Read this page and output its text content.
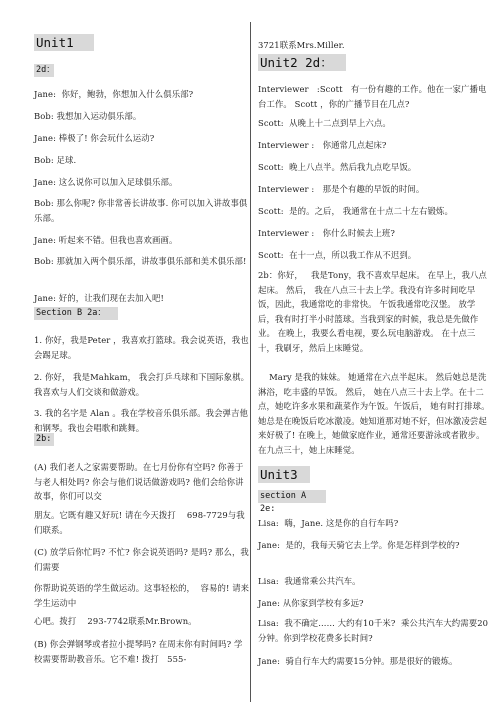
Unit1
2d：
Jane:  你好，鲍勃，你想加入什么俱乐部?
Bob: 我想加入运动俱乐部。
Jane: 棒极了! 你会玩什么运动?
Bob: 足球.
Jane: 这么说你可以加入足球俱乐部。
Bob: 那么你呢? 你非常善长讲故事. 你可以加入讲故事俱乐部。
Jane: 听起来不错。但我也喜欢画画。
Bob: 那就加入两个俱乐部，讲故事俱乐部和美术俱乐部!
Jane: 好的，让我们现在去加入吧!
Section B 2a：
1. 你好，我是Peter ，我喜欢打篮球。我会说英语，我也会踢足球。
2. 你好， 我是Mahkam， 我会打乒乓球和下国际象棋。我喜欢与人们交谈和做游戏。
3. 我的名字是 Alan 。我在学校音乐俱乐部。我会弹吉他和钢琴。我也会唱歌和跳舞。
2b:
(A) 我们老人之家需要帮助。在七月份你有空吗? 你善于与老人相处吗? 你会与他们说话做游戏吗? 他们会给你讲故事，你们可以交
朋友。它既有趣又好玩! 请在今天拨打    698-7729与我们联系。
(C) 放学后你忙吗? 不忙? 你会说英语吗? 是吗? 那么，我们需要
你帮助说英语的学生做运动。这事轻松的，  容易的! 请来学生运动中
心吧。拨打    293-7742联系Mr.Brown。
(B) 你会弹钢琴或者拉小提琴吗? 在周末你有时间吗? 学校需要帮助教音乐。它不难! 拨打   555-
3721联系Mrs.Miller.
Unit2 2d：
Interviewer   :Scott   有一份有趣的工作。他在一家广播电台工作。 Scott ，你的广播节目在几点?
Scott:  从晚上十二点到早上六点。
Interviewer :   你通常几点起床?
Scott:  晚上八点半。然后我九点吃早饭。
Interviewer :   那是个有趣的早饭的时间。
Scott:  是的。之后， 我通常在十点二十左右锻炼。
Interviewer :   你什么时候去上班?
Scott:  在十一点，所以我工作从不迟到。
2b：你好，   我是Tony，我不喜欢早起床。 在早上，我八点起床。 然后， 我在八点三十去上学。我没有许多时间吃早饭，因此，我通常吃的非常快。 午饭我通常吃汉堡。 放学后，我有时打半小时篮球。当我到家的时候，我总是先做作业。 在晚上，我要么看电视，要么玩电脑游戏。 在十点三十，我刷牙，然后上床睡觉。
Mary 是我的妹妹。 她通常在六点半起床。 然后她总是洗淋浴，吃丰盛的早饭。 然后， 她在八点三十去上学。在十二点，她吃许多水果和蔬菜作为午饭。午饭后， 她有时打排球。她总是在晚饭后吃冰激凌。她知道那对她不好，但冰激凌尝起来好极了! 在晚上，她做家庭作业，通常还要游泳或者散步。在九点三十，她上床睡觉。
Unit3
section A 2e:
Lisa:  嗨，Jane. 这是你的自行车吗?
Jane:  是的，我每天骑它去上学。你是怎样到学校的?
Lisa:  我通常乘公共汽车。
Jane: 从你家到学校有多远?
Lisa:  我不确定...... 大约有10千米?  乘公共汽车大约需要20分钟。你到学校花费多长时间?
Jane:  骑自行车大约需要15分钟。那是很好的锻炼。
